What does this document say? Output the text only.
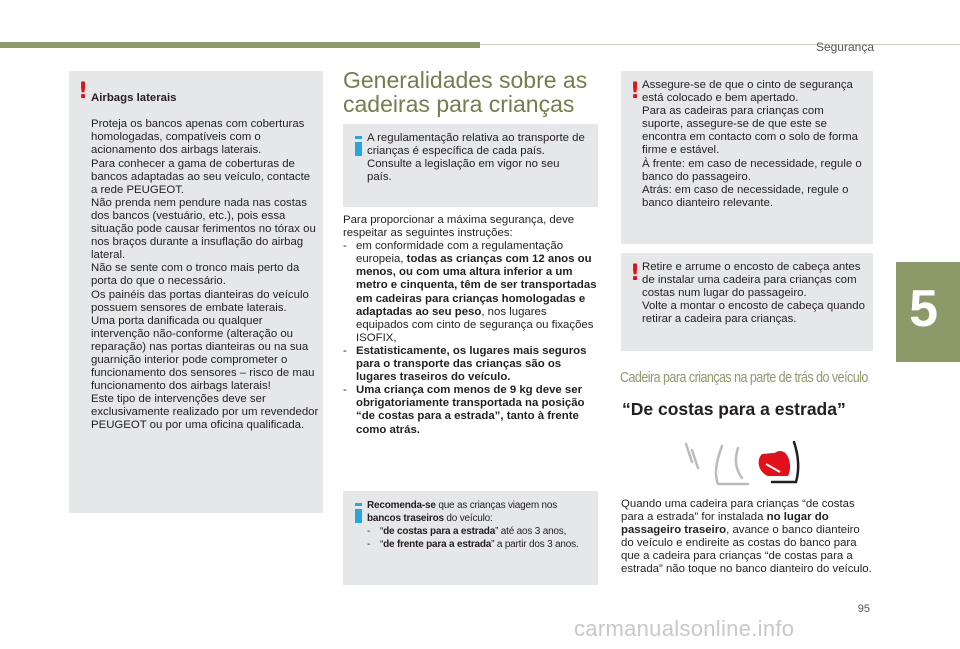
Segurança
5
! Airbags laterais

Proteja os bancos apenas com coberturas homologadas, compatíveis com o acionamento dos airbags laterais.
Para conhecer a gama de coberturas de bancos adaptadas ao seu veículo, contacte a rede PEUGEOT.
Não prenda nem pendure nada nas costas dos bancos (vestuário, etc.), pois essa situação pode causar ferimentos no tórax ou nos braços durante a insuflação do airbag lateral.
Não se sente com o tronco mais perto da porta do que o necessário.
Os painéis das portas dianteiras do veículo possuem sensores de embate laterais.
Uma porta danificada ou qualquer intervenção não-conforme (alteração ou reparação) nas portas dianteiras ou na sua guarnição interior pode comprometer o funcionamento dos sensores – risco de mau funcionamento dos airbags laterais!
Este tipo de intervenções deve ser exclusivamente realizado por um revendedor PEUGEOT ou por uma oficina qualificada.

Generalidades sobre as cadeiras para crianças
A regulamentação relativa ao transporte de crianças é específica de cada país. Consulte a legislação em vigor no seu país.
Para proporcionar a máxima segurança, deve respeitar as seguintes instruções:
- em conformidade com a regulamentação europeia, todas as crianças com 12 anos ou menos, ou com uma altura inferior a um metro e cinquenta, têm de ser transportadas em cadeiras para crianças homologadas e adaptadas ao seu peso, nos lugares equipados com cinto de segurança ou fixações ISOFIX,
- Estatisticamente, os lugares mais seguros para o transporte das crianças são os lugares traseiros do veículo.
- Uma criança com menos de 9 kg deve ser obrigatoriamente transportada na posição “de costas para a estrada”, tanto à frente como atrás.
Recomenda-se que as crianças viagem nos bancos traseiros do veículo:
- “de costas para a estrada” até aos 3 anos,
- “de frente para a estrada” a partir dos 3 anos.
! Assegure-se de que o cinto de segurança está colocado e bem apertado.
Para as cadeiras para crianças com suporte, assegure-se de que este se encontra em contacto com o solo de forma firme e estável.
À frente: em caso de necessidade, regule o banco do passageiro.
Atrás: em caso de necessidade, regule o banco dianteiro relevante.
! Retire e arrume o encosto de cabeça antes de instalar uma cadeira para crianças com costas num lugar do passageiro.
Volte a montar o encosto de cabeça quando retirar a cadeira para crianças.
Cadeira para crianças na parte de trás do veículo
“De costas para a estrada”
Quando uma cadeira para crianças “de costas para a estrada” for instalada no lugar do passageiro traseiro, avance o banco dianteiro do veículo e endireite as costas do banco para que a cadeira para crianças “de costas para a estrada” não toque no banco dianteiro do veículo.
95
carmanualsonline.info
